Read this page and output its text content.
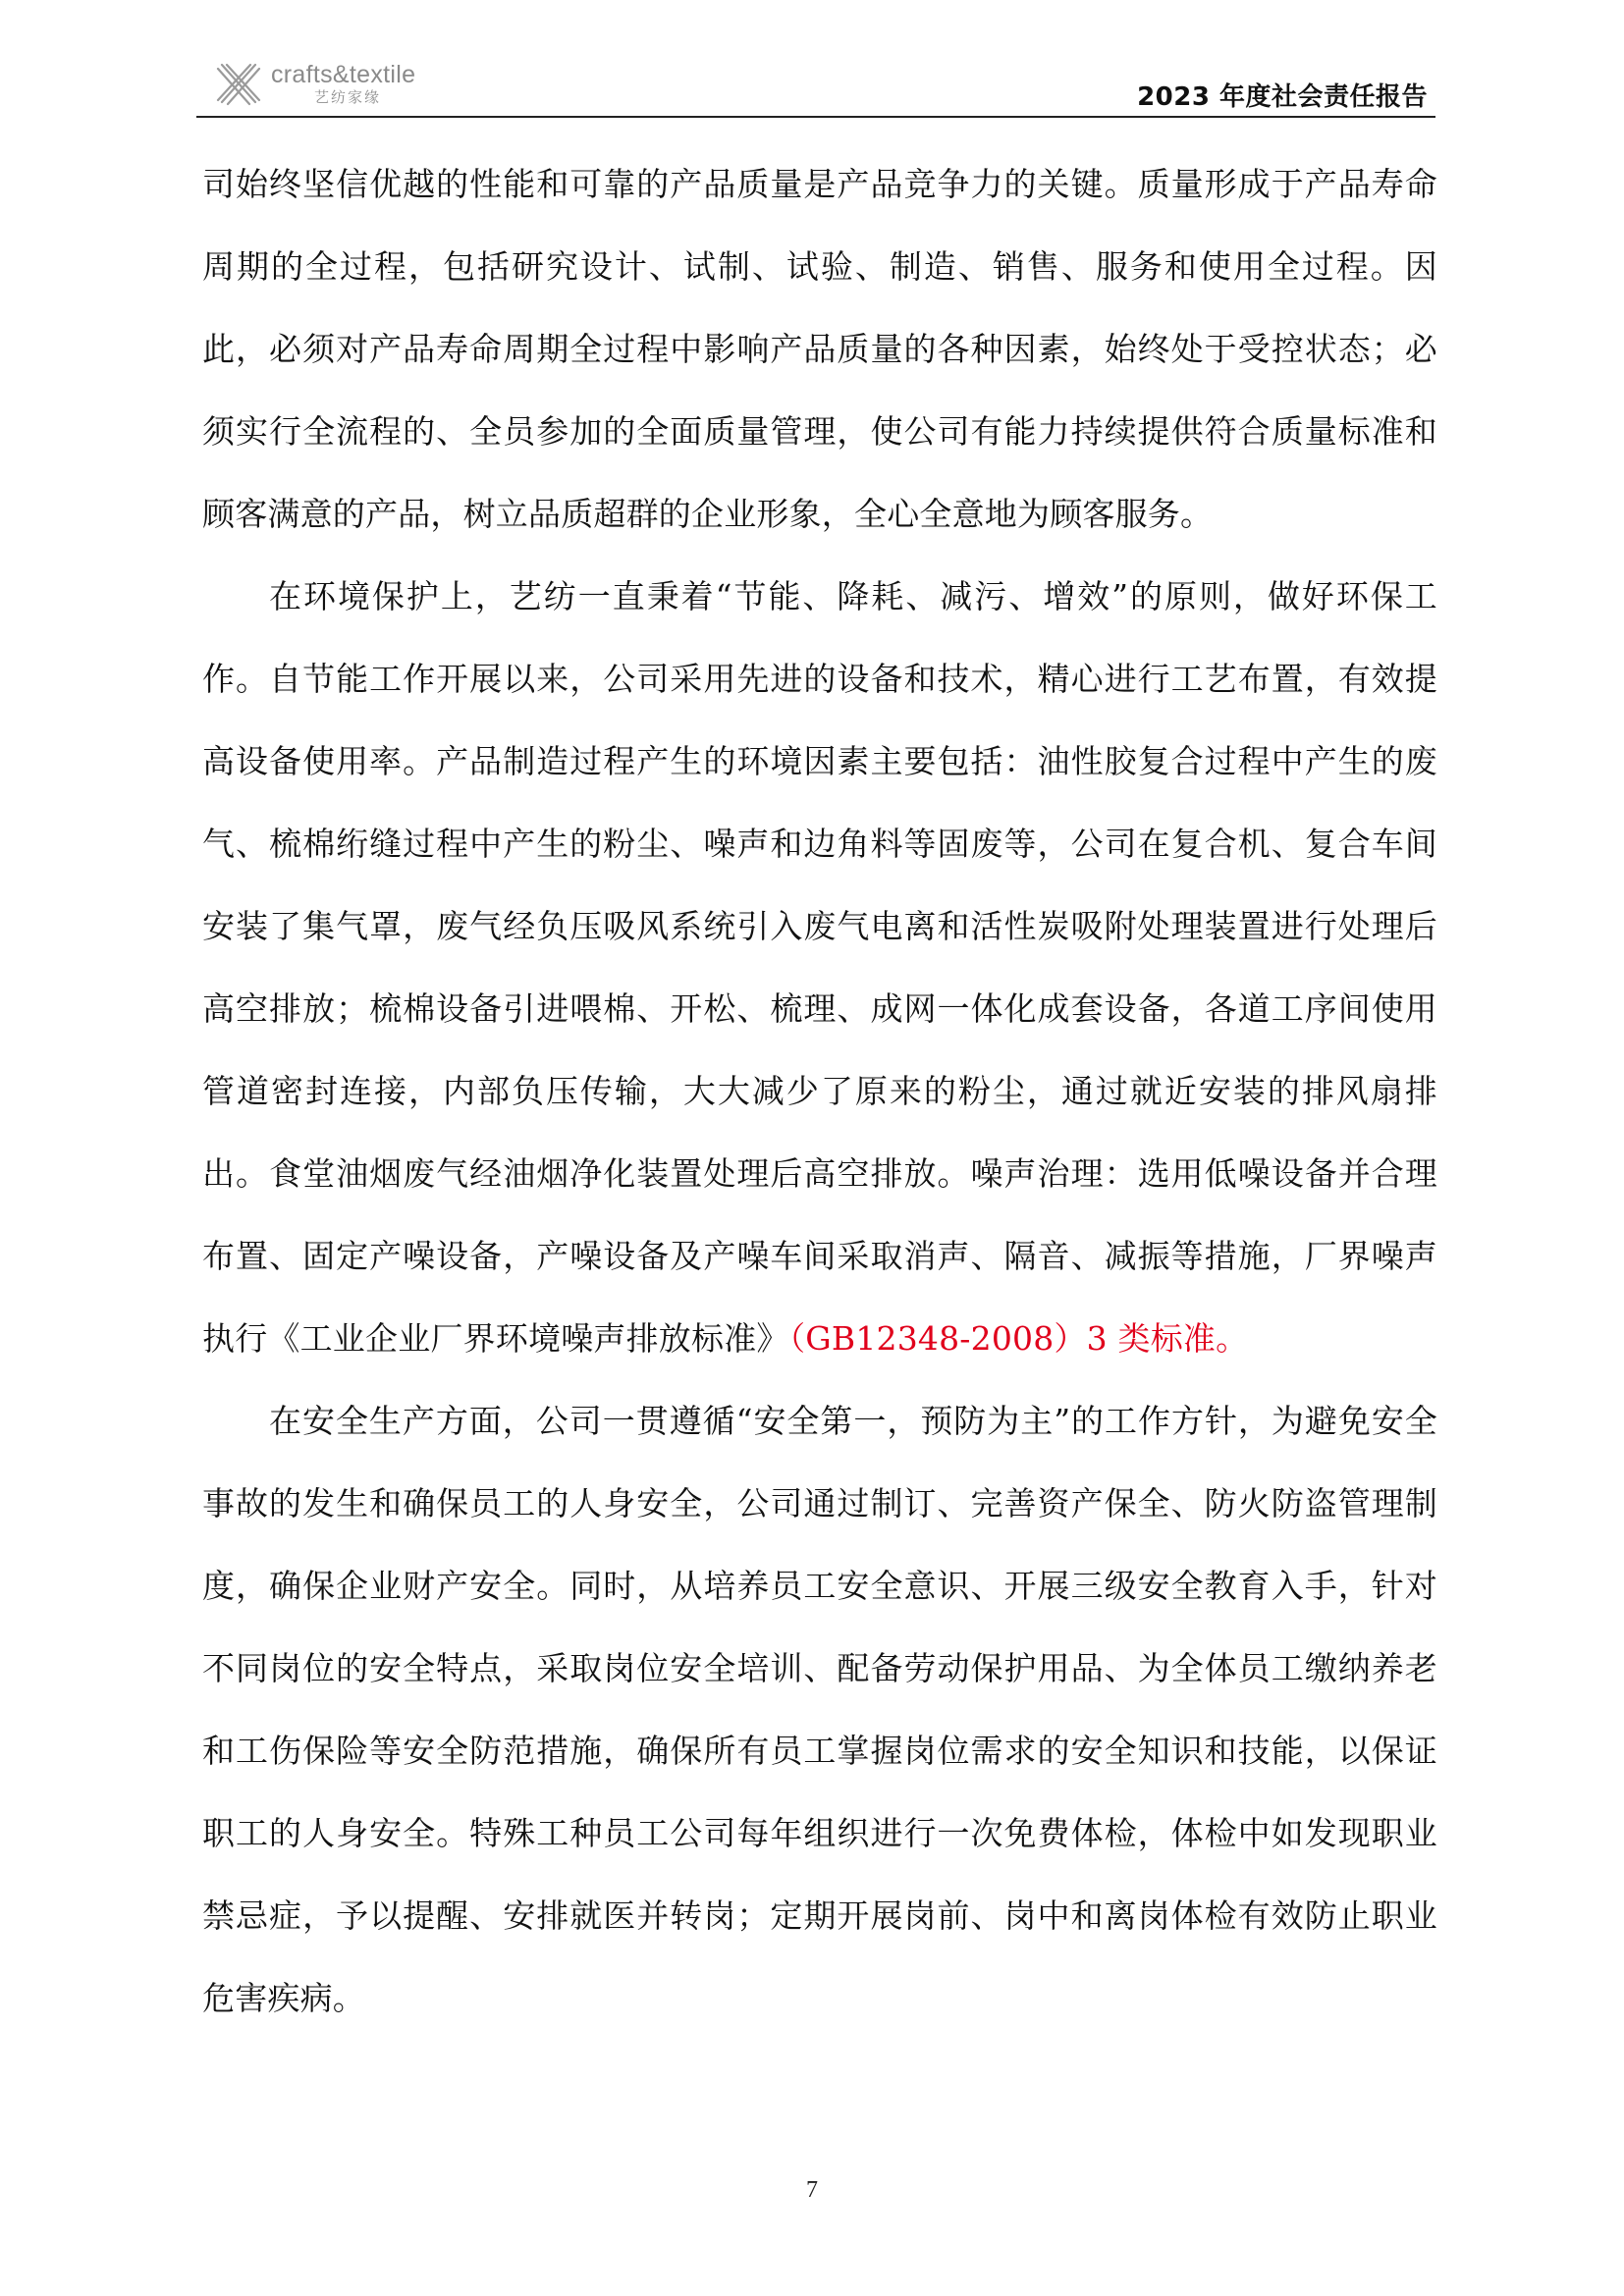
crafts&textile
艺纺家缘	2023 年度社会责任报告

司始终坚信优越的性能和可靠的产品质量是产品竞争力的关键。质量形成于产品寿命周期的全过程，包括研究设计、试制、试验、制造、销售、服务和使用全过程。因此，必须对产品寿命周期全过程中影响产品质量的各种因素，始终处于受控状态；必须实行全流程的、全员参加的全面质量管理，使公司有能力持续提供符合质量标准和顾客满意的产品，树立品质超群的企业形象，全心全意地为顾客服务。

在环境保护上，艺纺一直秉着“节能、降耗、减污、增效”的原则，做好环保工作。自节能工作开展以来，公司采用先进的设备和技术，精心进行工艺布置，有效提高设备使用率。产品制造过程产生的环境因素主要包括：油性胶复合过程中产生的废气、梳棉绗缝过程中产生的粉尘、噪声和边角料等固废等，公司在复合机、复合车间安装了集气罩，废气经负压吸风系统引入废气电离和活性炭吸附处理装置进行处理后高空排放；梳棉设备引进喂棉、开松、梳理、成网一体化成套设备，各道工序间使用管道密封连接，内部负压传输，大大减少了原来的粉尘，通过就近安装的排风扇排出。食堂油烟废气经油烟净化装置处理后高空排放。噪声治理：选用低噪设备并合理布置、固定产噪设备，产噪设备及产噪车间采取消声、隔音、减振等措施，厂界噪声执行《工业企业厂界环境噪声排放标准》（GB12348-2008）3 类标准。

在安全生产方面，公司一贯遵循“安全第一，预防为主”的工作方针，为避免安全事故的发生和确保员工的人身安全，公司通过制订、完善资产保全、防火防盗管理制度，确保企业财产安全。同时，从培养员工安全意识、开展三级安全教育入手，针对不同岗位的安全特点，采取岗位安全培训、配备劳动保护用品、为全体员工缴纳养老和工伤保险等安全防范措施，确保所有员工掌握岗位需求的安全知识和技能，以保证职工的人身安全。特殊工种员工公司每年组织进行一次免费体检，体检中如发现职业禁忌症，予以提醒、安排就医并转岗；定期开展岗前、岗中和离岗体检有效防止职业危害疾病。

7
